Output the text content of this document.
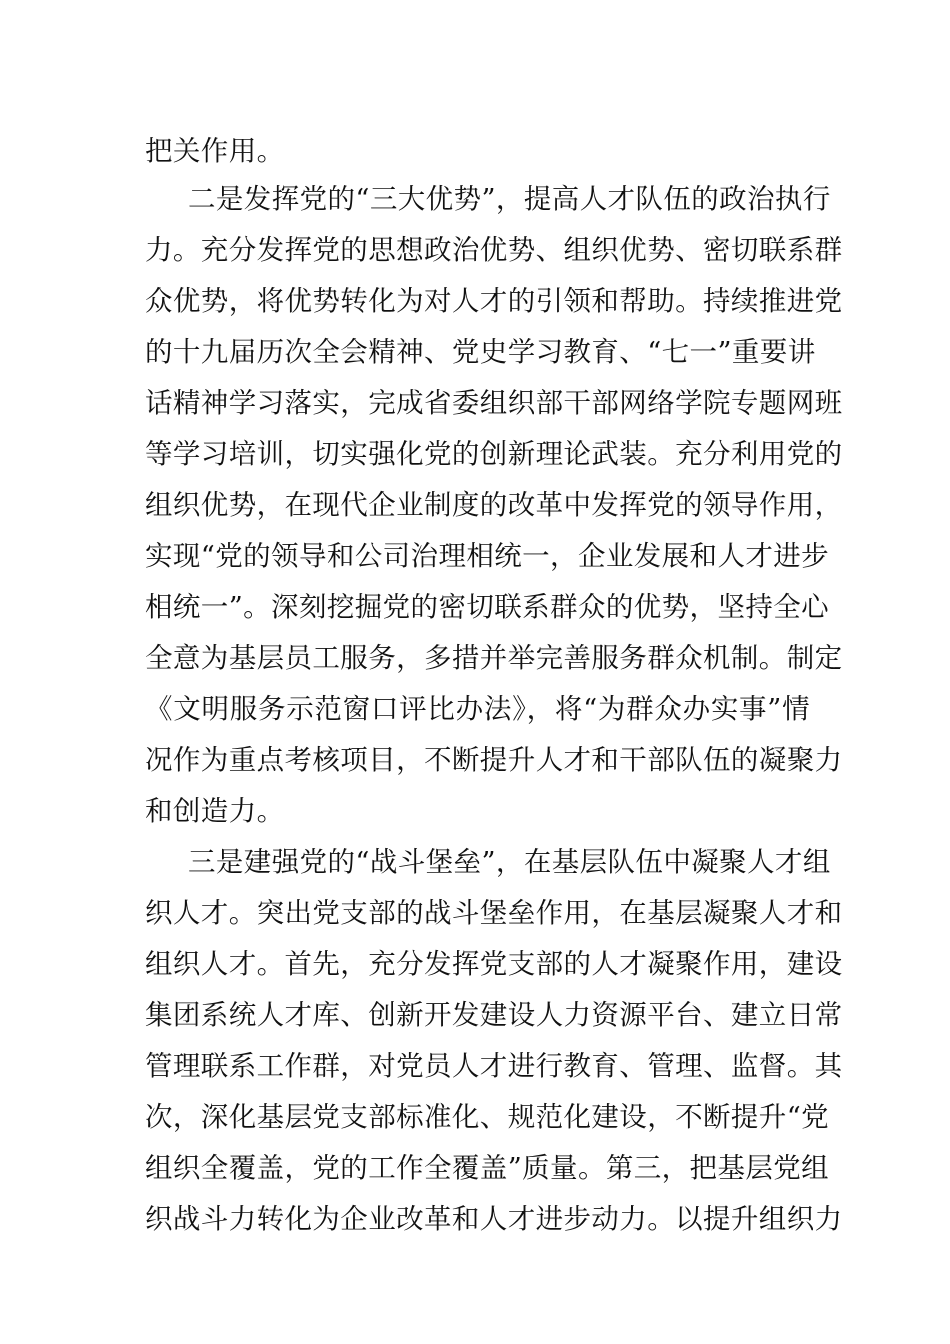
把关作用。
二是发挥党的“三大优势”，提高人才队伍的政治执行
力。充分发挥党的思想政治优势、组织优势、密切联系群
众优势，将优势转化为对人才的引领和帮助。持续推进党
的十九届历次全会精神、党史学习教育、“七一”重要讲
话精神学习落实，完成省委组织部干部网络学院专题网班
等学习培训，切实强化党的创新理论武装。充分利用党的
组织优势，在现代企业制度的改革中发挥党的领导作用，
实现“党的领导和公司治理相统一，企业发展和人才进步
相统一”。深刻挖掘党的密切联系群众的优势，坚持全心
全意为基层员工服务，多措并举完善服务群众机制。制定
《文明服务示范窗口评比办法》，将“为群众办实事”情
况作为重点考核项目，不断提升人才和干部队伍的凝聚力
和创造力。
三是建强党的“战斗堡垒”，在基层队伍中凝聚人才组
织人才。突出党支部的战斗堡垒作用，在基层凝聚人才和
组织人才。首先，充分发挥党支部的人才凝聚作用，建设
集团系统人才库、创新开发建设人力资源平台、建立日常
管理联系工作群，对党员人才进行教育、管理、监督。其
次，深化基层党支部标准化、规范化建设，不断提升“党
组织全覆盖，党的工作全覆盖”质量。第三，把基层党组
织战斗力转化为企业改革和人才进步动力。以提升组织力
